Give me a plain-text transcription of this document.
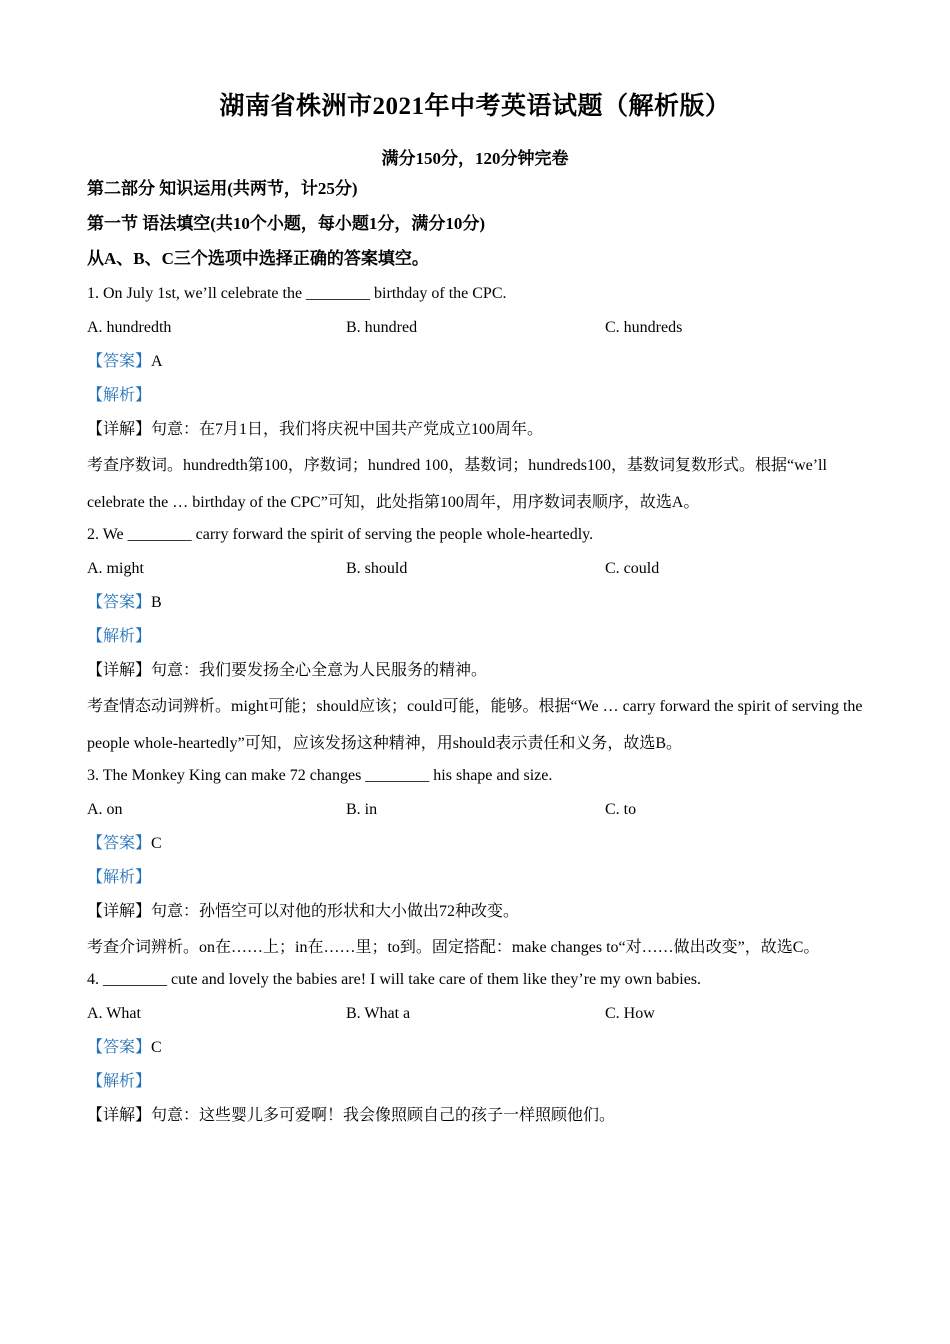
湖南省株洲市2021年中考英语试题（解析版）
满分150分，120分钟完卷
第二部分 知识运用(共两节，计25分)
第一节 语法填空(共10个小题，每小题1分，满分10分)
从A、B、C三个选项中选择正确的答案填空。
1. On July 1st, we’ll celebrate the ________ birthday of the CPC.
A. hundredth	B. hundred	C. hundreds
【答案】A
【解析】
【详解】句意：在7月1日，我们将庆祝中国共产党成立100周年。
考查序数词。hundredth第100，序数词；hundred 100，基数词；hundreds100，基数词复数形式。根据“we’ll celebrate the … birthday of the CPC”可知，此处指第100周年，用序数词表顺序，故选A。
2. We ________ carry forward the spirit of serving the people whole-heartedly.
A. might	B. should	C. could
【答案】B
【解析】
【详解】句意：我们要发扬全心全意为人民服务的精神。
考查情态动词辨析。might可能；should应该；could可能，能够。根据“We … carry forward the spirit of serving the people whole-heartedly”可知，应该发扬这种精神，用should表示责任和义务，故选B。
3. The Monkey King can make 72 changes ________ his shape and size.
A. on	B. in	C. to
【答案】C
【解析】
【详解】句意：孙悟空可以对他的形状和大小做出72种改变。
考查介词辨析。on在……上；in在……里；to到。固定搭配：make changes to“对……做出改变”，故选C。
4. ________ cute and lovely the babies are! I will take care of them like they’re my own babies.
A. What	B. What a	C. How
【答案】C
【解析】
【详解】句意：这些婴儿多可爱啊！我会像照顾自己的孩子一样照顾他们。
